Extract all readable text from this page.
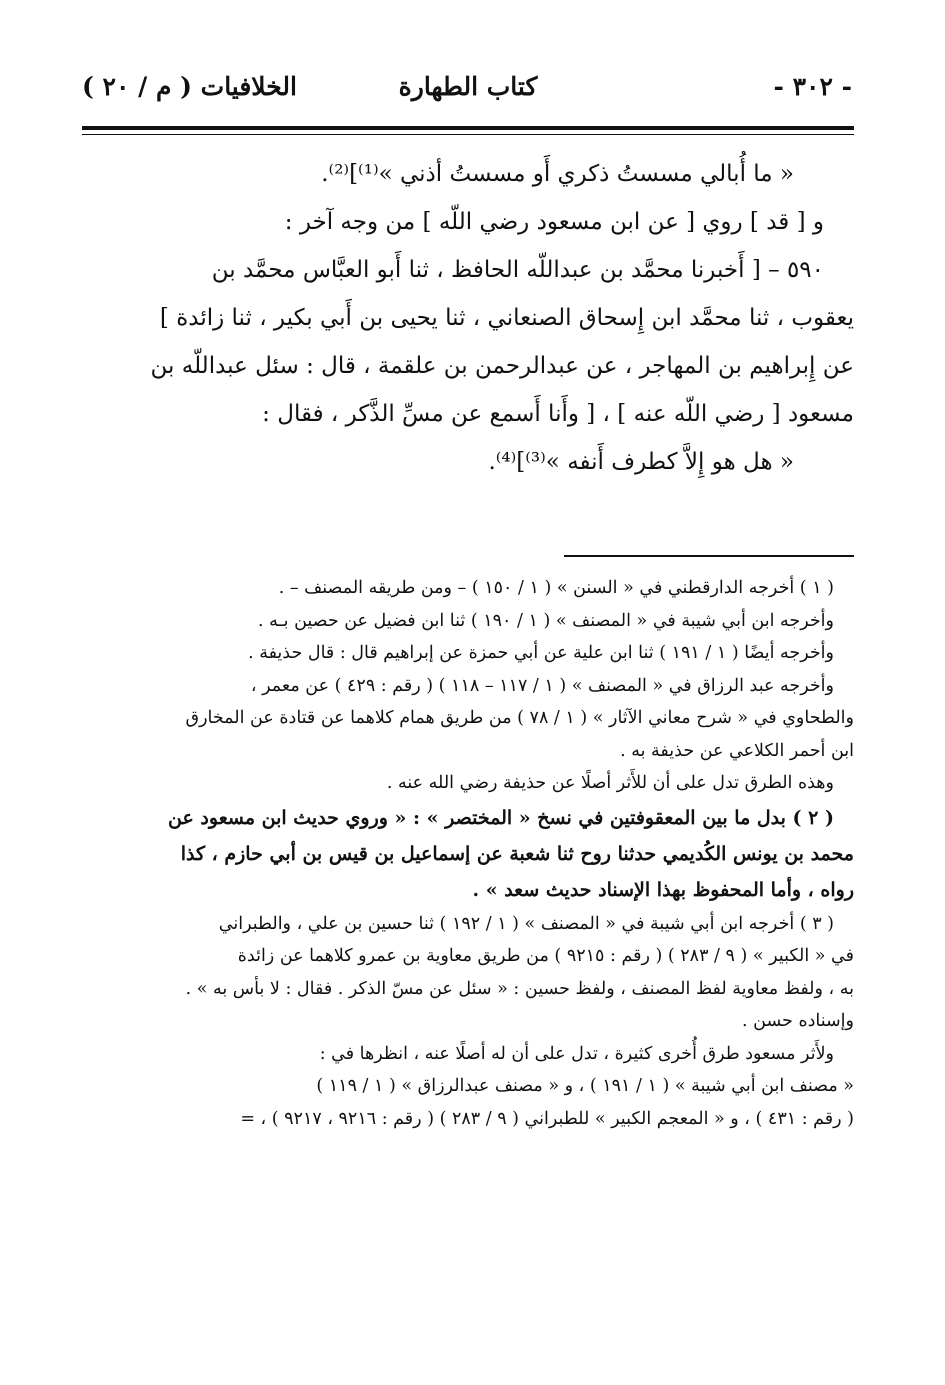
- ٣٠٢ -
كتاب الطهارة
الخلافيات ( م / ٢٠ )

« ما أُبالي مسستُ ذكري أَو مسستُ أذني »⁽¹⁾]⁽²⁾.

و [ قد ] روي [ عن ابن مسعود رضي اللّه ] من وجه آخر :

٥٩٠ – [ أَخبرنا محمَّد بن عبداللّه الحافظ ، ثنا أَبو العبَّاس محمَّد بن

يعقوب ، ثنا محمَّد ابن إِسحاق الصنعاني ، ثنا يحيى بن أَبي بكير ، ثنا زائدة ]

عن إِبراهيم بن المهاجر ، عن عبدالرحمن بن علقمة ، قال : سئل عبداللّه بن

مسعود [ رضي اللّه عنه ] ، [ وأَنا أَسمع عن مسِّ الذَّكر ، فقال :

« هل هو إِلاَّ كطرف أَنفه »⁽³⁾]⁽⁴⁾.

( ١ ) أخرجه الدارقطني في « السنن » ( ١ / ١٥٠ ) – ومن طريقه المصنف – .

وأخرجه ابن أبي شيبة في « المصنف » ( ١ / ١٩٠ ) ثنا ابن فضيل عن حصين بـه .

وأخرجه أيضًا ( ١ / ١٩١ ) ثنا ابن علية عن أبي حمزة عن إبراهيم قال : قال حذيفة .

وأخرجه عبد الرزاق في « المصنف » ( ١ / ١١٧ – ١١٨ ) ( رقم : ٤٢٩ ) عن معمر ،

والطحاوي في « شرح معاني الآثار » ( ١ / ٧٨ ) من طريق همام كلاهما عن قتادة عن المخارق

ابن أحمر الكلاعي عن حذيفة به .

وهذه الطرق تدل على أن للأَثر أصلًا عن حذيفة رضي الله عنه .

( ٢ ) بدل ما بين المعقوفتين في نسخ « المختصر » : « وروي حديث ابن مسعود عن

محمد بن يونس الكُديمي حدثنا روح ثنا شعبة عن إسماعيل بن قيس بن أبي حازم ، كذا

رواه ، وأما المحفوظ بهذا الإسناد حديث سعد » .

( ٣ ) أخرجه ابن أبي شيبة في « المصنف » ( ١ / ١٩٢ ) ثنا حسين بن علي ، والطبراني

في « الكبير » ( ٩ / ٢٨٣ ) ( رقم : ٩٢١٥ ) من طريق معاوية بن عمرو كلاهما عن زائدة

به ، ولفظ معاوية لفظ المصنف ، ولفظ حسين : « سئل عن مسّ الذكر . فقال : لا بأس به » .

وإسناده حسن .

ولأَثر مسعود طرق أُخرى كثيرة ، تدل على أن له أصلًا عنه ، انظرها في :

« مصنف ابن أبي شيبة » ( ١ / ١٩١ ) ، و « مصنف عبدالرزاق » ( ١ / ١١٩ )

( رقم : ٤٣١ ) ، و « المعجم الكبير » للطبراني ( ٩ / ٢٨٣ ) ( رقم : ٩٢١٦ ، ٩٢١٧ ) ، =
